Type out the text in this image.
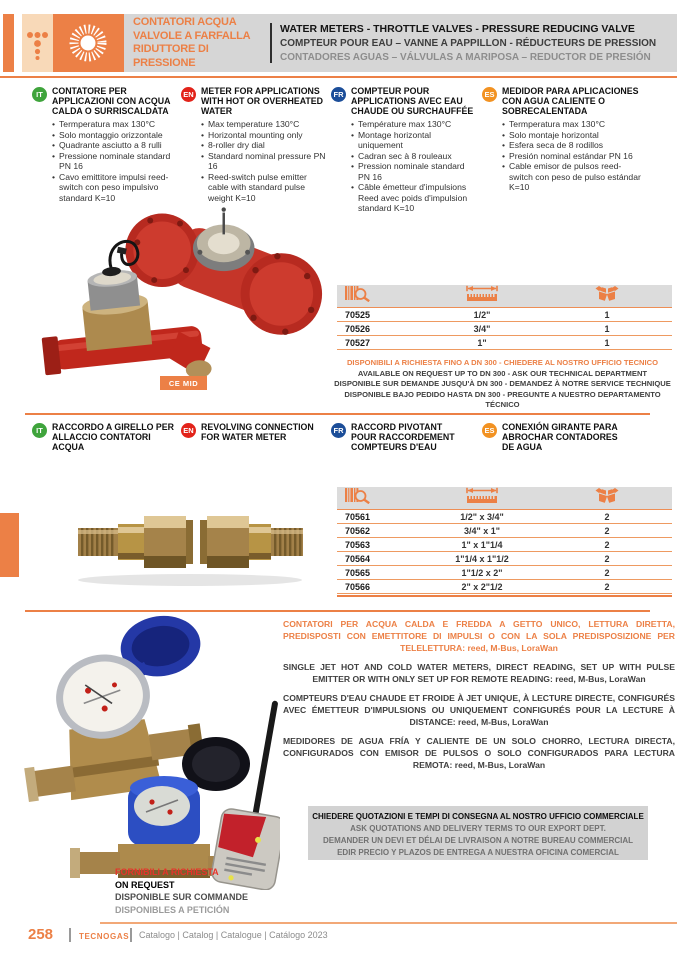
CONTATORI ACQUA
VALVOLE A FARFALLA
RIDUTTORE DI
PRESSIONE
WATER METERS - THROTTLE VALVES - PRESSURE REDUCING VALVE
COMPTEUR POUR EAU – VANNE A PAPPILLON - RÉDUCTEURS DE PRESSION
CONTADORES AGUAS – VÁLVULAS A MARIPOSA – REDUCTOR DE PRESIÓN
IT	CONTATORE PER APPLICAZIONI CON ACQUA CALDA O SURRISCALDATA
• Termperatura max 130°C
• Solo montaggio orizzontale
• Quadrante asciutto a 8 rulli
• Pressione nominale standard PN 16
• Cavo emittitore impulsi reed-switch con peso impulsivo standard K=10
EN METER FOR APPLICATIONS WITH HOT OR OVERHEATED WATER
• Max temperature 130°C
• Horizontal mounting only
• 8-roller dry dial
• Standard nominal pressure PN 16
• Reed-switch pulse emitter cable with standard pulse weight K=10
FR COMPTEUR POUR APPLICATIONS AVEC EAU CHAUDE OU SURCHAUFFÉE
• Température max 130°C
• Montage horizontal uniquement
• Cadran sec à 8 rouleaux
• Pression nominale standard PN 16
• Câble émetteur d'impulsions Reed avec poids d'impulsion standard K=10
ES MEDIDOR PARA APLICACIONES CON AGUA CALIENTE O SOBRECALENTADA
• Termperatura max 130°C
• Solo montaje horizontal
• Esfera seca de 8 rodillos
• Presión nominal estándar PN 16
• Cable emisor de pulsos reed-switch con peso de pulso estándar K=10
CE MID

70525	1/2"	1
70526	3/4"	1
70527	1"	1
DISPONIBILI A RICHIESTA FINO A DN 300 - CHIEDERE AL NOSTRO UFFICIO TECNICO
AVAILABLE ON REQUEST UP TO DN 300 - ASK OUR TECHNICAL DEPARTMENT
DISPONIBLE SUR DEMANDE JUSQU'À DN 300 - DEMANDEZ À NOTRE SERVICE TECHNIQUE
DISPONIBLE BAJO PEDIDO HASTA DN 300 - PREGUNTE A NUESTRO DEPARTAMENTO TÉCNICO
IT	RACCORDO A GIRELLO PER ALLACCIO CONTATORI ACQUA
EN REVOLVING CONNECTION FOR WATER METER
FR RACCORD PIVOTANT POUR RACCORDEMENT COMPTEURS D'EAU
ES CONEXIÓN GIRANTE PARA ABROCHAR CONTADORES DE AGUA

70561	1/2" x 3/4"	2
70562	3/4" x 1"	2
70563	1" x 1"1/4	2
70564	1"1/4 x 1"1/2	2
70565	1"1/2 x 2"	2
70566	2" x 2"1/2	2

CONTATORI PER ACQUA CALDA E FREDDA A GETTO UNICO, LETTURA DIRETTA, PREDISPOSTI CON EMETTITORE DI IMPULSI O CON LA SOLA PREDISPOSIZIONE PER TELELETTURA: reed, M-Bus, LoraWan

SINGLE JET HOT AND COLD WATER METERS, DIRECT READING, SET UP WITH PULSE EMITTER OR WITH ONLY SET UP FOR REMOTE READING: reed, M-Bus, LoraWan

COMPTEURS D'EAU CHAUDE ET FROIDE À JET UNIQUE, À LECTURE DIRECTE, CONFIGURÉS AVEC ÉMETTEUR D'IMPULSIONS OU UNIQUEMENT CONFIGURÉS POUR LA LECTURE À DISTANCE: reed, M-Bus, LoraWan

MEDIDORES DE AGUA FRÍA Y CALIENTE DE UN SOLO CHORRO, LECTURA DIRECTA, CONFIGURADOS CON EMISOR DE PULSOS O SOLO CONFIGURADOS PARA LECTURA REMOTA: reed, M-Bus, LoraWan

CHIEDERE QUOTAZIONI E TEMPI DI CONSEGNA AL NOSTRO UFFICIO COMMERCIALE
ASK QUOTATIONS AND DELIVERY TERMS TO OUR EXPORT DEPT.
DEMANDER UN DEVI ET DÉLAI DE LIVRAISON A NOTRE BUREAU COMMERCIAL
EDIR PRECIO Y PLAZOS DE ENTREGA A NUESTRA OFICINA COMERCIAL
FORNIBILI A RICHIESTA
ON REQUEST
DISPONIBLE SUR COMMANDE
DISPONIBLES A PETICIÓN
258	TECNOGAS Catalogo | Catalog | Catalogue | Catálogo 2023
